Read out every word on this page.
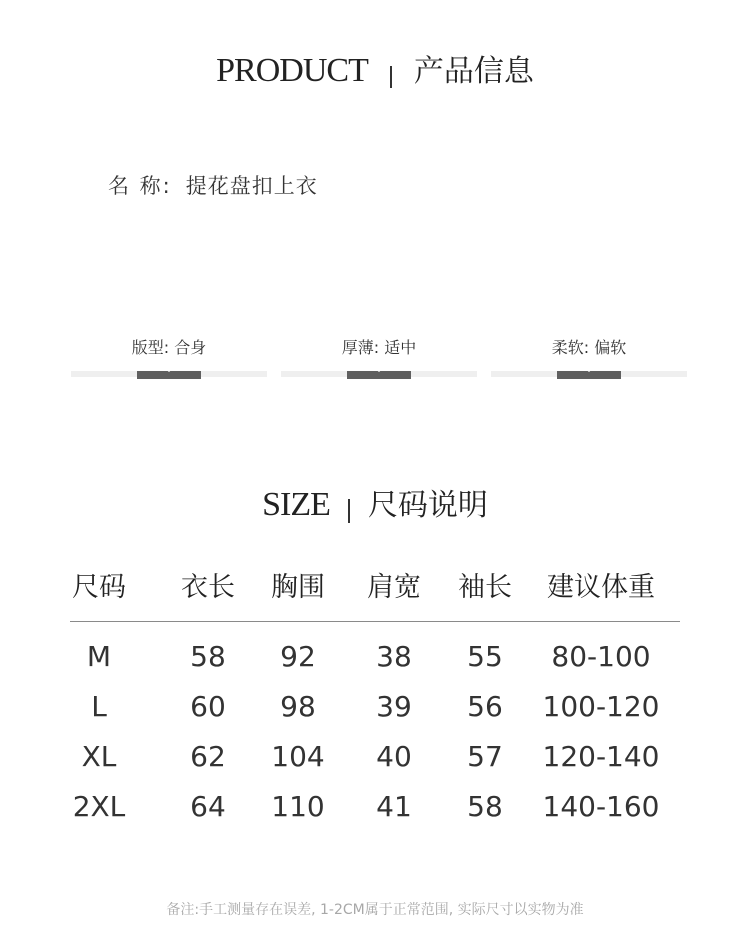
PRODUCT 产品信息
名 称: 提花盘扣上衣
版型: 合身	厚薄: 适中	柔软: 偏软
SIZE 尺码说明
尺码	衣长	胸围	肩宽	袖长	建议体重
M	58	92	38	55	80-100
L	60	98	39	56	100-120
XL	62	104	40	57	120-140
2XL	64	110	41	58	140-160
备注:手工测量存在误差, 1-2CM属于正常范围, 实际尺寸以实物为准
